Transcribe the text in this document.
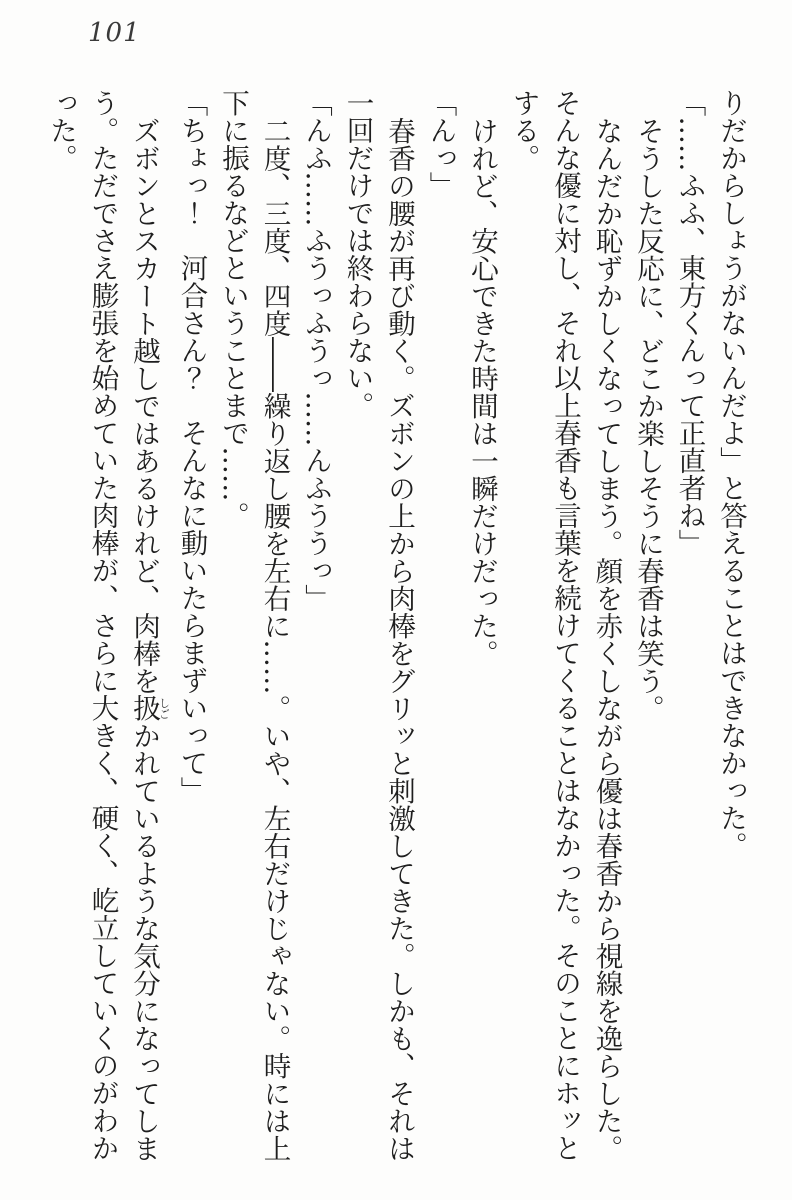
101

りだからしょうがないんだよ」と答えることはできなかった。

「……ふふ、東方くんって正直者ね」

そうした反応に、どこか楽しそうに春香は笑う。

なんだか恥ずかしくなってしまう。顔を赤くしながら優は春香から視線を逸らした。そんな優に対し、それ以上春香も言葉を続けてくることはなかった。そのことにホッとする。

けれど、安心できた時間は一瞬だけだった。

「んっ」

春香の腰が再び動く。ズボンの上から肉棒をグリッと刺激してきた。しかも、それは一回だけでは終わらない。

「んふ……ふうっふうっ……んふううっ」

二度、三度、四度――繰り返し腰を左右に……。いや、左右だけじゃない。時には上下に振るなどということまで……。

「ちょっ！　河合さん？　そんなに動いたらまずいって」

ズボンとスカート越しではあるけれど、肉棒を扱しごかれているような気分になってしまう。ただでさえ膨張を始めていた肉棒が、さらに大きく、硬く、屹立していくのがわかった。
